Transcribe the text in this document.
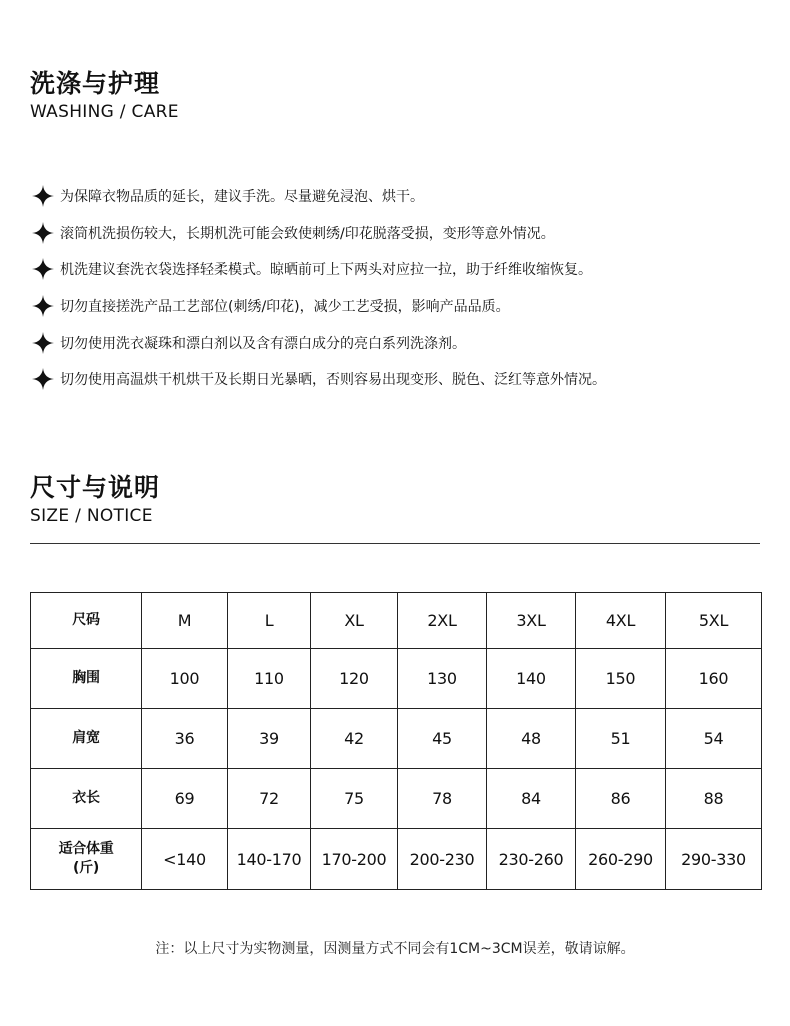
洗涤与护理
WASHING / CARE
为保障衣物品质的延长，建议手洗。尽量避免浸泡、烘干。
滚筒机洗损伤较大，长期机洗可能会致使刺绣/印花脱落受损，变形等意外情况。
机洗建议套洗衣袋选择轻柔模式。晾晒前可上下两头对应拉一拉，助于纤维收缩恢复。
切勿直接搓洗产品工艺部位(刺绣/印花)，减少工艺受损，影响产品品质。
切勿使用洗衣凝珠和漂白剂以及含有漂白成分的亮白系列洗涤剂。
切勿使用高温烘干机烘干及长期日光暴晒，否则容易出现变形、脱色、泛红等意外情况。
尺寸与说明
SIZE / NOTICE
尺码	M	L	XL	2XL	3XL	4XL	5XL
胸围	100	110	120	130	140	150	160
肩宽	36	39	42	45	48	51	54
衣长	69	72	75	78	84	86	88
适合体重
(斤)	<140	140-170	170-200	200-230	230-260	260-290	290-330
注：以上尺寸为实物测量，因测量方式不同会有1CM~3CM误差，敬请谅解。
